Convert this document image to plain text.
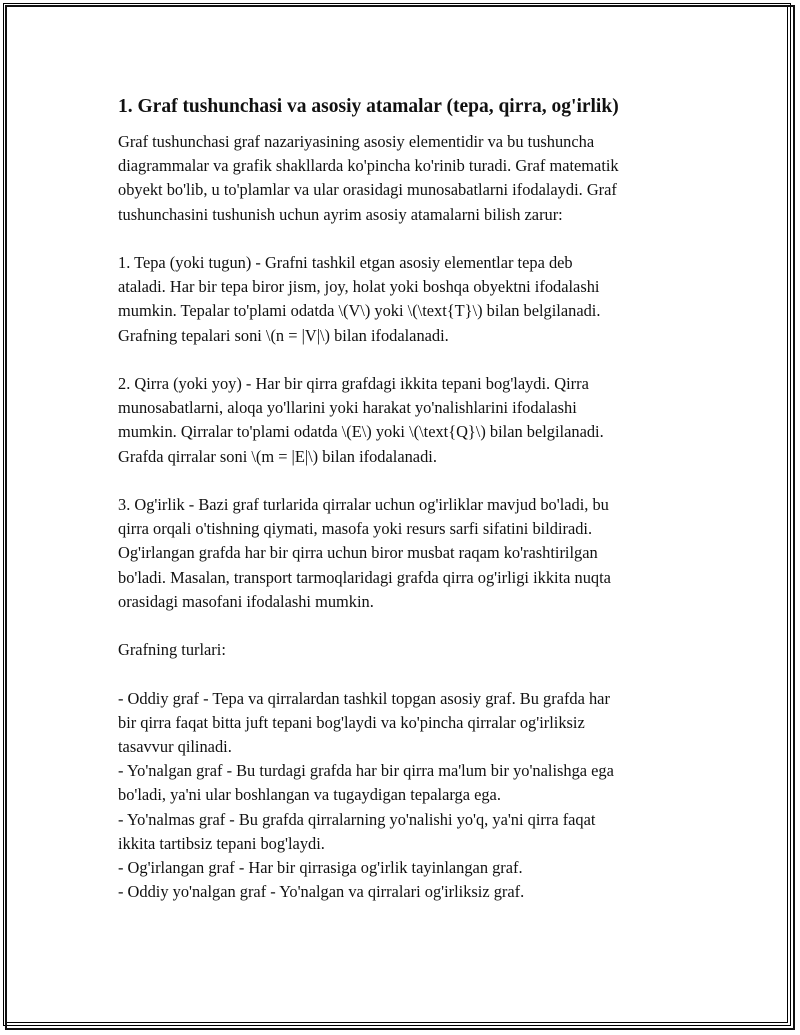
1. Graf tushunchasi va asosiy atamalar (tepa, qirra, og'irlik)

Graf tushunchasi graf nazariyasining asosiy elementidir va bu tushuncha
diagrammalar va grafik shakllarda ko'pincha ko'rinib turadi. Graf matematik
obyekt bo'lib, u to'plamlar va ular orasidagi munosabatlarni ifodalaydi. Graf
tushunchasini tushunish uchun ayrim asosiy atamalarni bilish zarur:

1. Tepa (yoki tugun) - Grafni tashkil etgan asosiy elementlar tepa deb
ataladi. Har bir tepa biror jism, joy, holat yoki boshqa obyektni ifodalashi
mumkin. Tepalar to'plami odatda \(V\) yoki \(\text{T}\) bilan belgilanadi.
Grafning tepalari soni \(n = |V|\) bilan ifodalanadi.

2. Qirra (yoki yoy) - Har bir qirra grafdagi ikkita tepani bog'laydi. Qirra
munosabatlarni, aloqa yo'llarini yoki harakat yo'nalishlarini ifodalashi
mumkin. Qirralar to'plami odatda \(E\) yoki \(\text{Q}\) bilan belgilanadi.
Grafda qirralar soni \(m = |E|\) bilan ifodalanadi.

3. Og'irlik - Bazi graf turlarida qirralar uchun og'irliklar mavjud bo'ladi, bu
qirra orqali o'tishning qiymati, masofa yoki resurs sarfi sifatini bildiradi.
Og'irlangan grafda har bir qirra uchun biror musbat raqam ko'rashtirilgan
bo'ladi. Masalan, transport tarmoqlaridagi grafda qirra og'irligi ikkita nuqta
orasidagi masofani ifodalashi mumkin.

Grafning turlari:

- Oddiy graf - Tepa va qirralardan tashkil topgan asosiy graf. Bu grafda har
bir qirra faqat bitta juft tepani bog'laydi va ko'pincha qirralar og'irliksiz
tasavvur qilinadi.

- Yo'nalgan graf - Bu turdagi grafda har bir qirra ma'lum bir yo'nalishga ega
bo'ladi, ya'ni ular boshlangan va tugaydigan tepalarga ega.

- Yo'nalmas graf - Bu grafda qirralarning yo'nalishi yo'q, ya'ni qirra faqat
ikkita tartibsiz tepani bog'laydi.

- Og'irlangan graf - Har bir qirrasiga og'irlik tayinlangan graf.

- Oddiy yo'nalgan graf - Yo'nalgan va qirralari og'irliksiz graf.
